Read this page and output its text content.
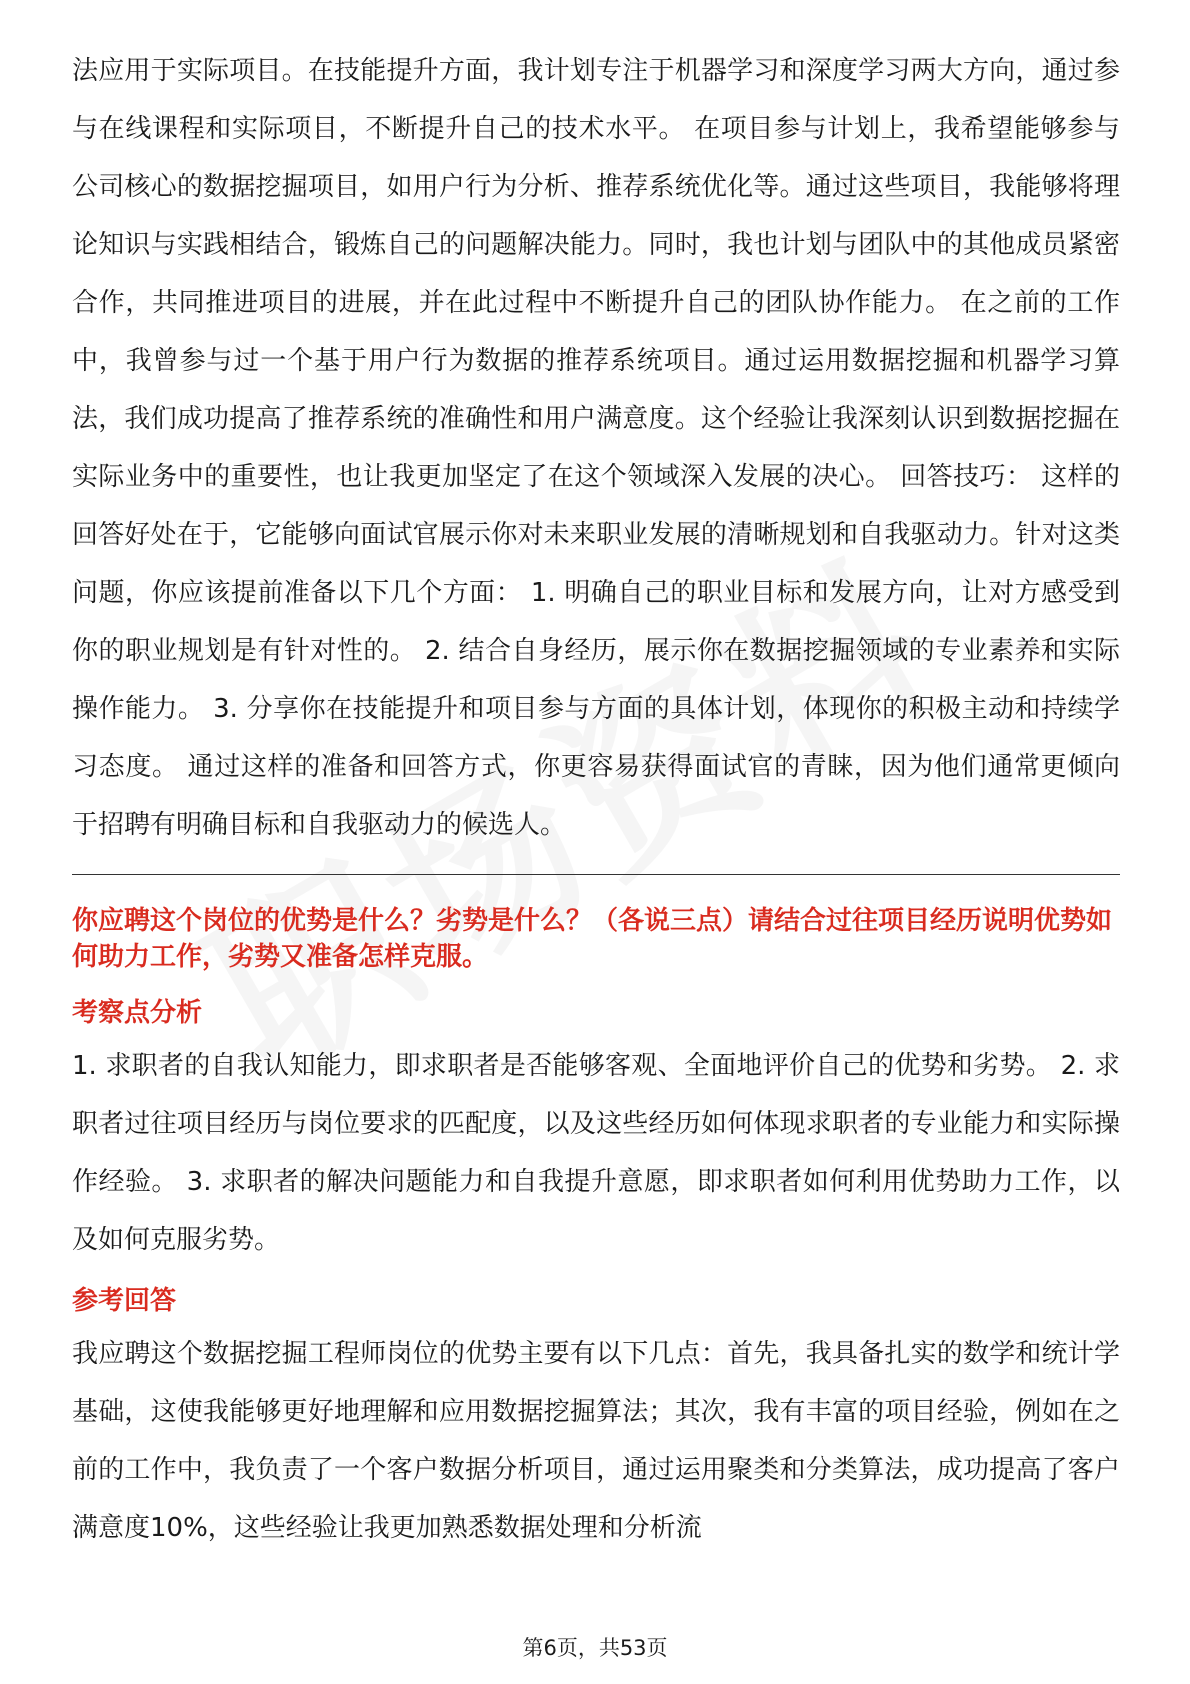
法应用于实际项目。在技能提升方面，我计划专注于机器学习和深度学习两大方向，通过参与在线课程和实际项目，不断提升自己的技术水平。 在项目参与计划上，我希望能够参与公司核心的数据挖掘项目，如用户行为分析、推荐系统优化等。通过这些项目，我能够将理论知识与实践相结合，锻炼自己的问题解决能力。同时，我也计划与团队中的其他成员紧密合作，共同推进项目的进展，并在此过程中不断提升自己的团队协作能力。 在之前的工作中，我曾参与过一个基于用户行为数据的推荐系统项目。通过运用数据挖掘和机器学习算法，我们成功提高了推荐系统的准确性和用户满意度。这个经验让我深刻认识到数据挖掘在实际业务中的重要性，也让我更加坚定了在这个领域深入发展的决心。 回答技巧： 这样的回答好处在于，它能够向面试官展示你对未来职业发展的清晰规划和自我驱动力。针对这类问题，你应该提前准备以下几个方面： 1. 明确自己的职业目标和发展方向，让对方感受到你的职业规划是有针对性的。 2. 结合自身经历，展示你在数据挖掘领域的专业素养和实际操作能力。 3. 分享你在技能提升和项目参与方面的具体计划，体现你的积极主动和持续学习态度。 通过这样的准备和回答方式，你更容易获得面试官的青睐，因为他们通常更倾向于招聘有明确目标和自我驱动力的候选人。

你应聘这个岗位的优势是什么？劣势是什么？（各说三点）请结合过往项目经历说明优势如何助力工作，劣势又准备怎样克服。

考察点分析

1. 求职者的自我认知能力，即求职者是否能够客观、全面地评价自己的优势和劣势。 2. 求职者过往项目经历与岗位要求的匹配度，以及这些经历如何体现求职者的专业能力和实际操作经验。 3. 求职者的解决问题能力和自我提升意愿，即求职者如何利用优势助力工作，以及如何克服劣势。

参考回答

我应聘这个数据挖掘工程师岗位的优势主要有以下几点：首先，我具备扎实的数学和统计学基础，这使我能够更好地理解和应用数据挖掘算法；其次，我有丰富的项目经验，例如在之前的工作中，我负责了一个客户数据分析项目，通过运用聚类和分类算法，成功提高了客户满意度10%，这些经验让我更加熟悉数据处理和分析流

第6页，共53页
